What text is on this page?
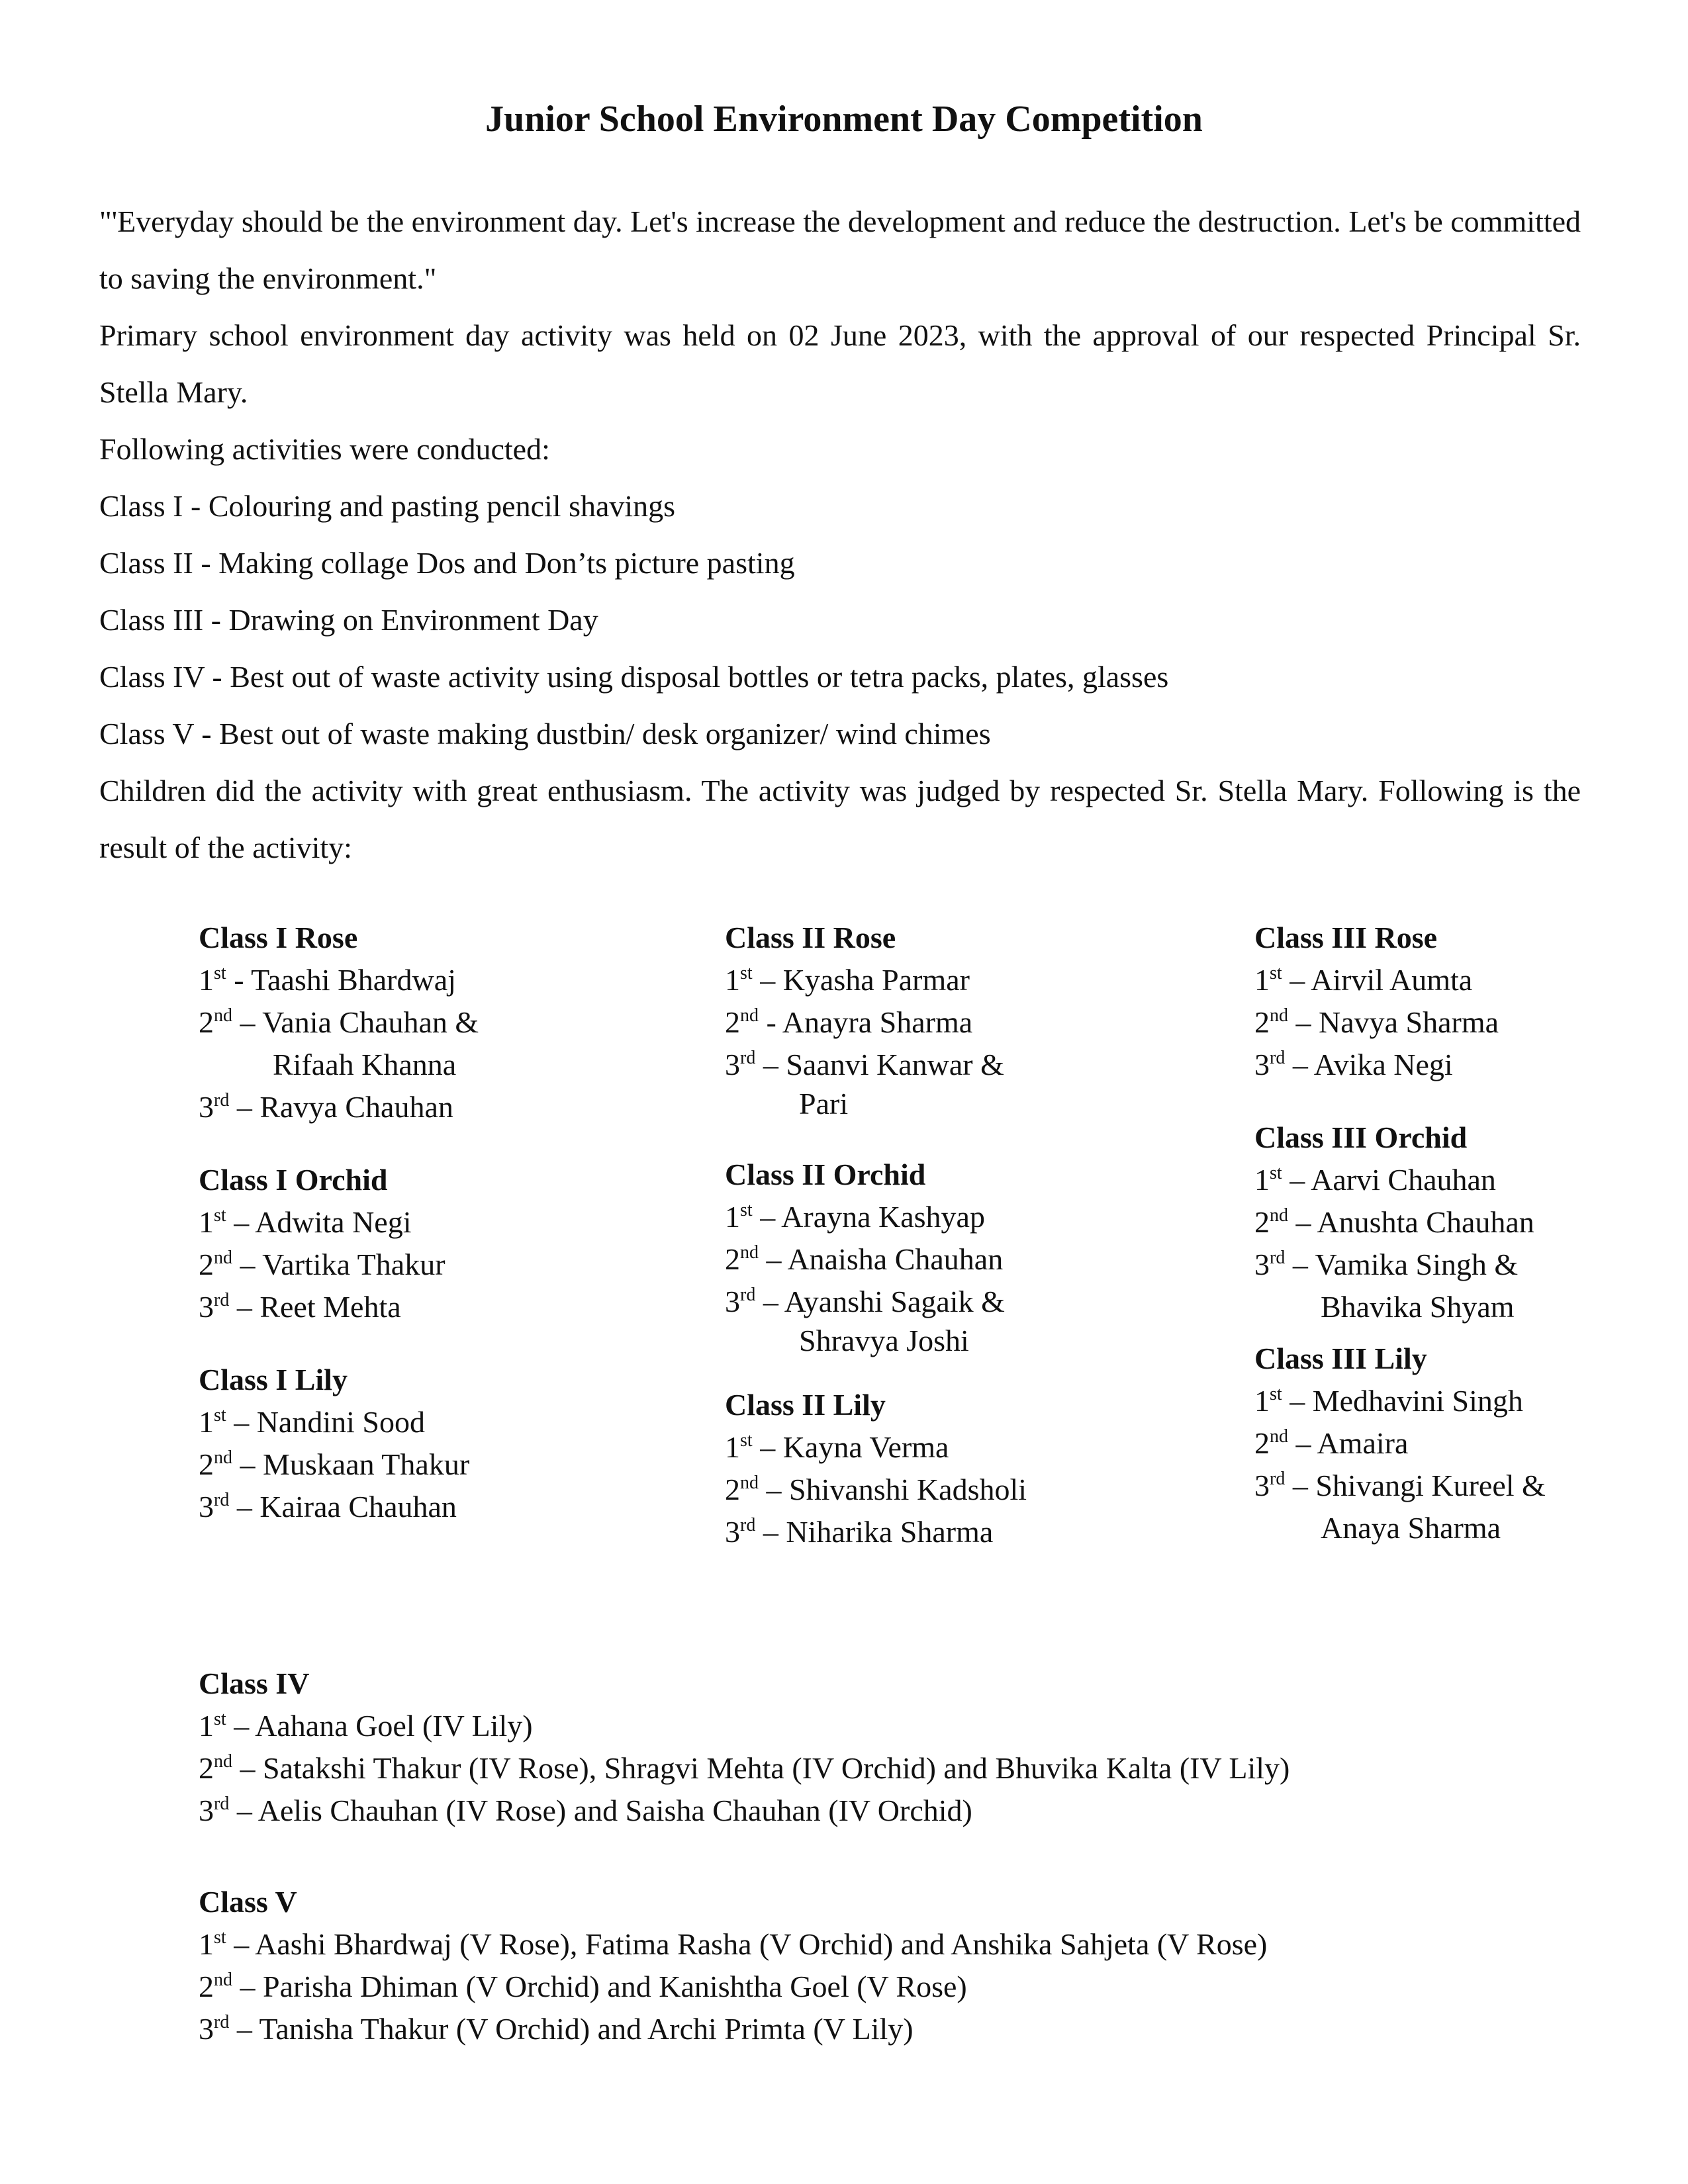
Junior School Environment Day Competition

"'Everyday should be the environment day. Let's increase the development and reduce the destruction. Let's be committed to saving the environment."

Primary school environment day activity was held on 02 June 2023, with the approval of our respected Principal Sr. Stella Mary.

Following activities were conducted:

Class I - Colouring and pasting pencil shavings

Class II - Making collage Dos and Don’ts picture pasting

Class III - Drawing on Environment Day

Class IV - Best out of waste activity using disposal bottles or tetra packs, plates, glasses

Class V - Best out of waste making dustbin/ desk organizer/ wind chimes

Children did the activity with great enthusiasm. The activity was judged by respected Sr. Stella Mary. Following is the result of the activity:

Class I Rose

1st - Taashi Bhardwaj

2nd – Vania Chauhan &

Rifaah Khanna

3rd – Ravya Chauhan

Class I Orchid

1st – Adwita Negi

2nd – Vartika Thakur

3rd – Reet Mehta

Class I Lily

1st – Nandini Sood

2nd – Muskaan Thakur

3rd – Kairaa Chauhan

Class II Rose

1st – Kyasha Parmar

2nd - Anayra Sharma

3rd – Saanvi Kanwar &

Pari

Class II Orchid

1st – Arayna Kashyap

2nd – Anaisha Chauhan

3rd – Ayanshi Sagaik &

Shravya Joshi

Class II Lily

1st – Kayna Verma

2nd – Shivanshi Kadsholi

3rd – Niharika Sharma

Class III Rose

1st – Airvil Aumta

2nd – Navya Sharma

3rd – Avika Negi

Class III Orchid

1st – Aarvi Chauhan

2nd – Anushta Chauhan

3rd – Vamika Singh &

Bhavika Shyam

Class III Lily

1st – Medhavini Singh

2nd – Amaira

3rd – Shivangi Kureel &

Anaya Sharma

Class IV

1st – Aahana Goel (IV Lily)

2nd – Satakshi Thakur (IV Rose), Shragvi Mehta (IV Orchid) and Bhuvika Kalta (IV Lily)

3rd – Aelis Chauhan (IV Rose) and Saisha Chauhan (IV Orchid)

Class V

1st – Aashi Bhardwaj (V Rose), Fatima Rasha (V Orchid) and Anshika Sahjeta (V Rose)

2nd – Parisha Dhiman (V Orchid) and Kanishtha Goel (V Rose)

3rd – Tanisha Thakur (V Orchid) and Archi Primta (V Lily)
